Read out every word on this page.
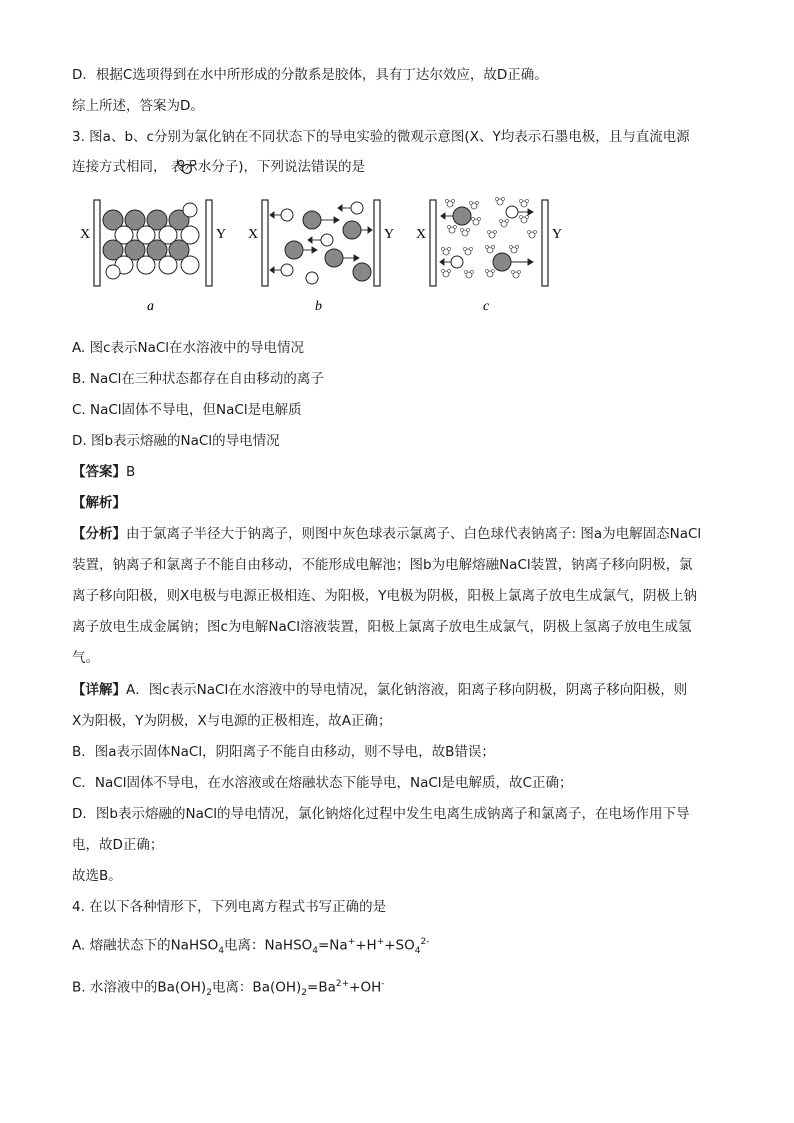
D．根据C选项得到在水中所形成的分散系是胶体，具有丁达尔效应，故D正确。
综上所述，答案为D。
3. 图a、b、c分别为氯化钠在不同状态下的导电实验的微观示意图(X、Y均表示石墨电极，且与直流电源
连接方式相同， 表示水分子)，下列说法错误的是
X	Y
a
X	Y
b
X	Y
c
A. 图c表示NaCl在水溶液中的导电情况
B. NaCl在三种状态都存在自由移动的离子
C. NaCl固体不导电，但NaCl是电解质
D. 图b表示熔融的NaCl的导电情况
【答案】B
【解析】
【分析】由于氯离子半径大于钠离子，则图中灰色球表示氯离子、白色球代表钠离子: 图a为电解固态NaCl
装置，钠离子和氯离子不能自由移动，不能形成电解池；图b为电解熔融NaCl装置，钠离子移向阴极，氯
离子移向阳极，则X电极与电源正极相连、为阳极，Y电极为阴极，阳极上氯离子放电生成氯气，阴极上钠
离子放电生成金属钠；图c为电解NaCl溶液装置，阳极上氯离子放电生成氯气，阴极上氢离子放电生成氢
气。
【详解】A．图c表示NaCl在水溶液中的导电情况，氯化钠溶液，阳离子移向阴极，阴离子移向阳极，则
X为阳极，Y为阴极，X与电源的正极相连，故A正确；
B．图a表示固体NaCl，阴阳离子不能自由移动，则不导电，故B错误；
C．NaCl固体不导电，在水溶液或在熔融状态下能导电，NaCl是电解质，故C正确；
D．图b表示熔融的NaCl的导电情况，氯化钠熔化过程中发生电离生成钠离子和氯离子，在电场作用下导
电，故D正确；
故选B。
4. 在以下各种情形下，下列电离方程式书写正确的是
A. 熔融状态下的NaHSO$_4$电离：$NaHSO_4=Na^++H^++SO_4^{2-}$
B. 水溶液中的$Ba(OH)_2$电离：$Ba(OH)_2=Ba^{2+}+OH^-$
